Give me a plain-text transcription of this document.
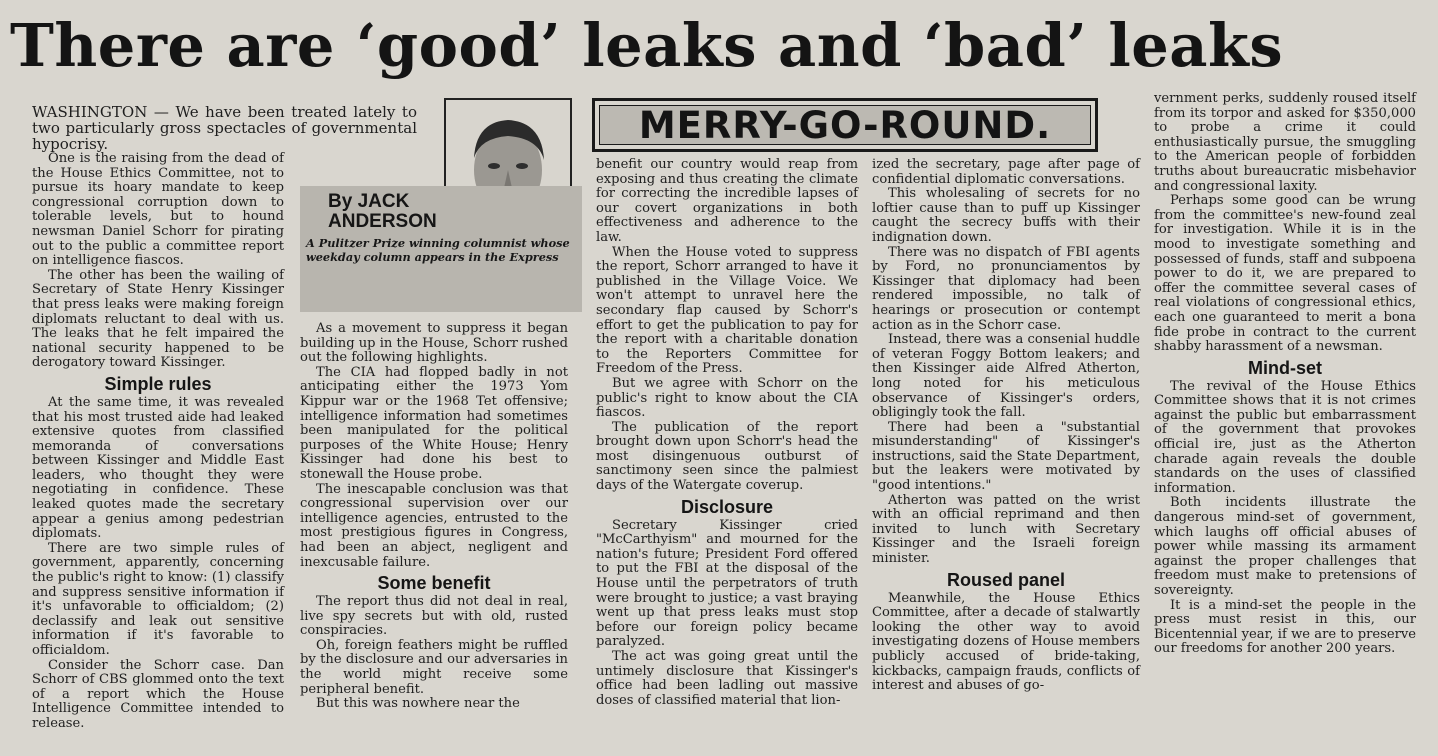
There are ‘good’ leaks and ‘bad’ leaks

WASHINGTON — We have been treated lately to two particularly gross spectacles of governmental hypocrisy.

One is the raising from the dead of the House Ethics Committee, not to pursue its hoary mandate to keep congressional corruption down to tolerable levels, but to hound newsman Daniel Schorr for pirating out to the public a committee report on intelligence fiascos.

The other has been the wailing of Secretary of State Henry Kissinger that press leaks were making foreign diplomats reluctant to deal with us. The leaks that he felt impaired the national security happened to be derogatory toward Kissinger.

Simple rules

At the same time, it was revealed that his most trusted aide had leaked extensive quotes from classified memoranda of conversations between Kissinger and Middle East leaders, who thought they were negotiating in confidence. These leaked quotes made the secretary appear a genius among pedestrian diplomats.

There are two simple rules of government, apparently, concerning the public's right to know: (1) classify and suppress sensitive information if it's unfavorable to officialdom; (2) declassify and leak out sensitive information if it's favorable to officialdom.

Consider the Schorr case. Dan Schorr of CBS glommed onto the text of a report which the House Intelligence Committee intended to release.

By JACK ANDERSON
A Pulitzer Prize winning columnist whose weekday column appears in the Express

As a movement to suppress it began building up in the House, Schorr rushed out the following highlights.

The CIA had flopped badly in not anticipating either the 1973 Yom Kippur war or the 1968 Tet offensive; intelligence information had sometimes been manipulated for the political purposes of the White House; Henry Kissinger had done his best to stonewall the House probe.

The inescapable conclusion was that congressional supervision over our intelligence agencies, entrusted to the most prestigious figures in Congress, had been an abject, negligent and inexcusable failure.

Some benefit

The report thus did not deal in real, live spy secrets but with old, rusted conspiracies.

Oh, foreign feathers might be ruffled by the disclosure and our adversaries in the world might receive some peripheral benefit.

But this was nowhere near the

MERRY-GO-ROUND.

benefit our country would reap from exposing and thus creating the climate for correcting the incredible lapses of our covert organizations in both effectiveness and adherence to the law.

When the House voted to suppress the report, Schorr arranged to have it published in the Village Voice. We won't attempt to unravel here the secondary flap caused by Schorr's effort to get the publication to pay for the report with a charitable donation to the Reporters Committee for Freedom of the Press.

But we agree with Schorr on the public's right to know about the CIA fiascos.

The publication of the report brought down upon Schorr's head the most disingenuous outburst of sanctimony seen since the palmiest days of the Watergate coverup.

Disclosure

Secretary Kissinger cried "McCarthyism" and mourned for the nation's future; President Ford offered to put the FBI at the disposal of the House until the perpetrators of truth were brought to justice; a vast braying went up that press leaks must stop before our foreign policy became paralyzed.

The act was going great until the untimely disclosure that Kissinger's office had been ladling out massive doses of classified material that lion-

ized the secretary, page after page of confidential diplomatic conversations.

This wholesaling of secrets for no loftier cause than to puff up Kissinger caught the secrecy buffs with their indignation down.

There was no dispatch of FBI agents by Ford, no pronunciamentos by Kissinger that diplomacy had been rendered impossible, no talk of hearings or prosecution or contempt action as in the Schorr case.

Instead, there was a consenial huddle of veteran Foggy Bottom leakers; and then Kissinger aide Alfred Atherton, long noted for his meticulous observance of Kissinger's orders, obligingly took the fall.

There had been a "substantial misunderstanding" of Kissinger's instructions, said the State Department, but the leakers were motivated by "good intentions."

Atherton was patted on the wrist with an official reprimand and then invited to lunch with Secretary Kissinger and the Israeli foreign minister.

Roused panel

Meanwhile, the House Ethics Committee, after a decade of stalwartly looking the other way to avoid investigating dozens of House members publicly accused of bride-taking, kickbacks, campaign frauds, conflicts of interest and abuses of go-

vernment perks, suddenly roused itself from its torpor and asked for $350,000 to probe a crime it could enthusiastically pursue, the smuggling to the American people of forbidden truths about bureaucratic misbehavior and congressional laxity.

Perhaps some good can be wrung from the committee's new-found zeal for investigation. While it is in the mood to investigate something and possessed of funds, staff and subpoena power to do it, we are prepared to offer the committee several cases of real violations of congressional ethics, each one guaranteed to merit a bona fide probe in contract to the current shabby harassment of a newsman.

Mind-set

The revival of the House Ethics Committee shows that it is not crimes against the public but embarrassment of the government that provokes official ire, just as the Atherton charade again reveals the double standards on the uses of classified information.

Both incidents illustrate the dangerous mind-set of government, which laughs off official abuses of power while massing its armament against the proper challenges that freedom must make to pretensions of sovereignty.

It is a mind-set the people in the press must resist in this, our Bicentennial year, if we are to preserve our freedoms for another 200 years.
